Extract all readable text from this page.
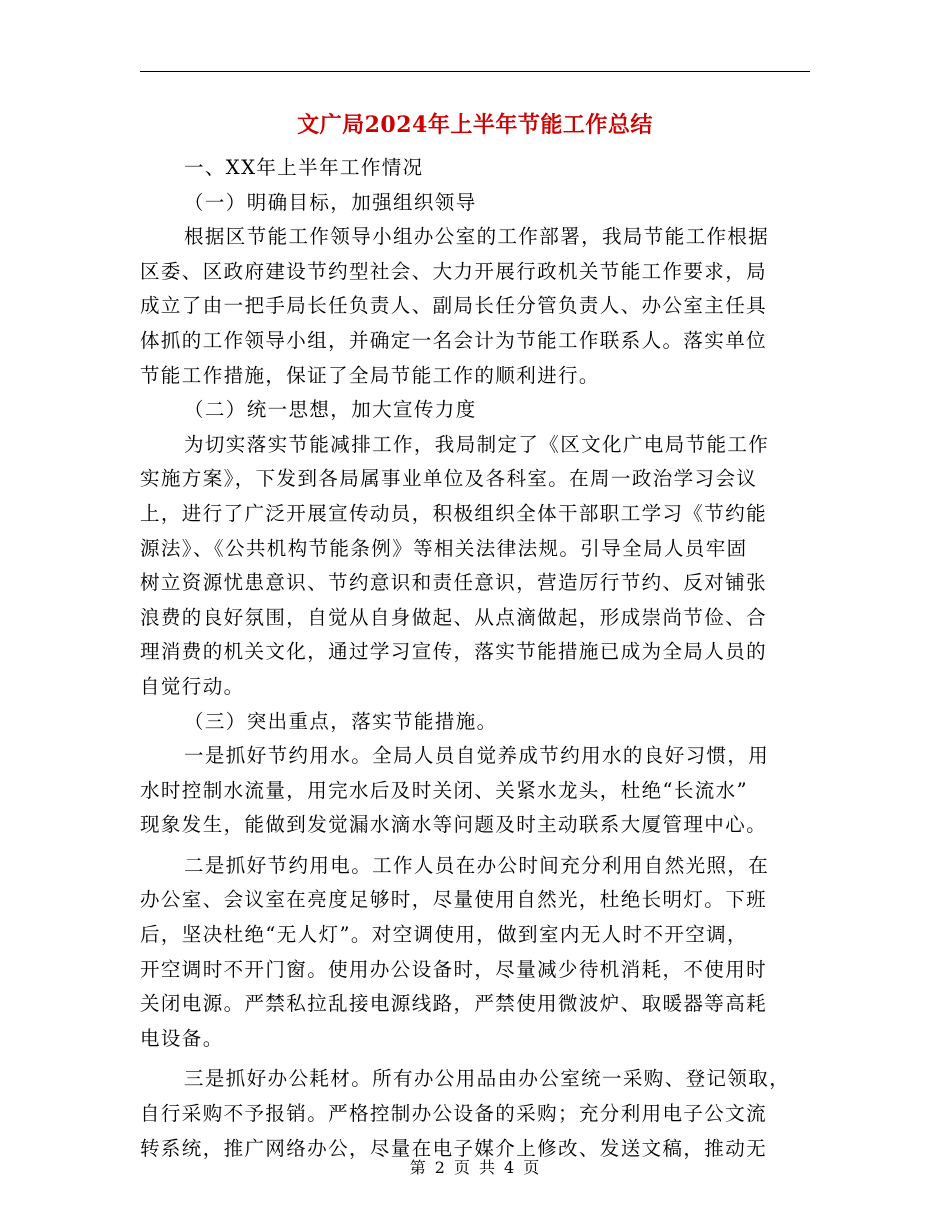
文广局2024年上半年节能工作总结
一、XX年上半年工作情况
（一）明确目标，加强组织领导
根据区节能工作领导小组办公室的工作部署，我局节能工作根据
区委、区政府建设节约型社会、大力开展行政机关节能工作要求，局
成立了由一把手局长任负责人、副局长任分管负责人、办公室主任具
体抓的工作领导小组，并确定一名会计为节能工作联系人。落实单位
节能工作措施，保证了全局节能工作的顺利进行。
（二）统一思想，加大宣传力度
为切实落实节能减排工作，我局制定了《区文化广电局节能工作
实施方案》，下发到各局属事业单位及各科室。在周一政治学习会议
上，进行了广泛开展宣传动员，积极组织全体干部职工学习《节约能
源法》、《公共机构节能条例》等相关法律法规。引导全局人员牢固
树立资源忧患意识、节约意识和责任意识，营造厉行节约、反对铺张
浪费的良好氛围，自觉从自身做起、从点滴做起，形成崇尚节俭、合
理消费的机关文化，通过学习宣传，落实节能措施已成为全局人员的
自觉行动。
（三）突出重点，落实节能措施。
一是抓好节约用水。全局人员自觉养成节约用水的良好习惯，用
水时控制水流量，用完水后及时关闭、关紧水龙头，杜绝“长流水”
现象发生，能做到发觉漏水滴水等问题及时主动联系大厦管理中心。
二是抓好节约用电。工作人员在办公时间充分利用自然光照，在
办公室、会议室在亮度足够时，尽量使用自然光，杜绝长明灯。下班
后，坚决杜绝“无人灯”。对空调使用，做到室内无人时不开空调，
开空调时不开门窗。使用办公设备时，尽量减少待机消耗，不使用时
关闭电源。严禁私拉乱接电源线路，严禁使用微波炉、取暖器等高耗
电设备。
三是抓好办公耗材。所有办公用品由办公室统一采购、登记领取，
自行采购不予报销。严格控制办公设备的采购；充分利用电子公文流
转系统，推广网络办公，尽量在电子媒介上修改、发送文稿，推动无
第 2 页 共 4 页
